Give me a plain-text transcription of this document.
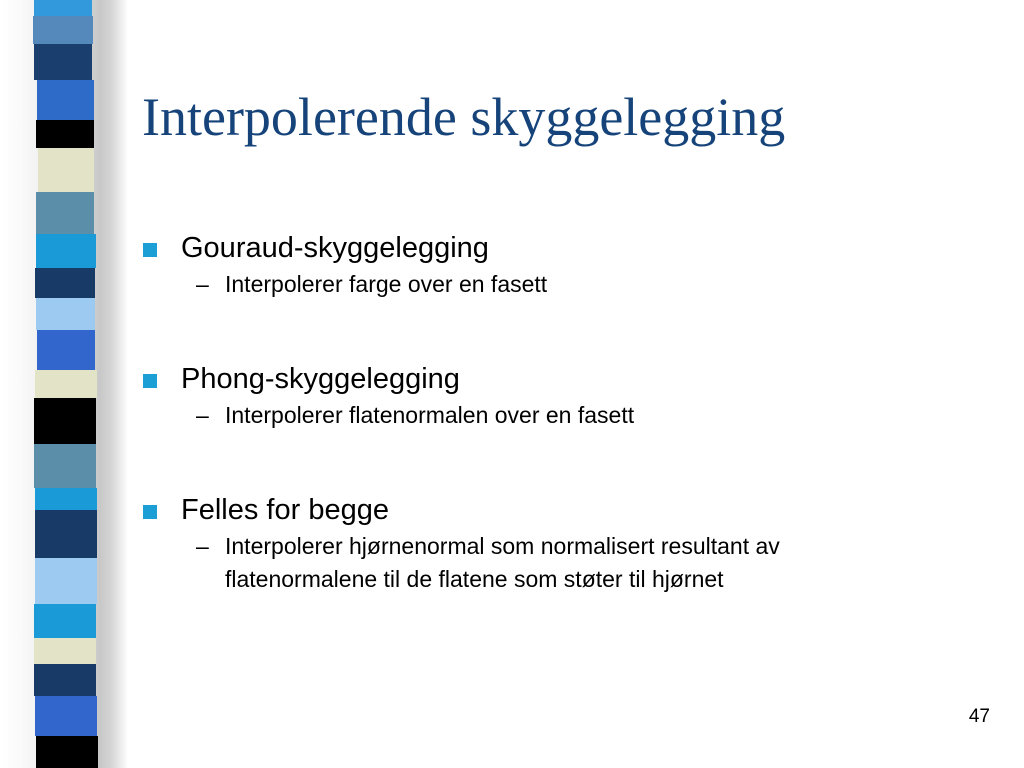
Interpolerende skyggelegging
Gouraud-skyggelegging
– Interpolerer farge over en fasett
Phong-skyggelegging
– Interpolerer flatenormalen over en fasett
Felles for begge
– Interpolerer hjørnenormal som normalisert resultant av
flatenormalene til de flatene som støter til hjørnet
47
